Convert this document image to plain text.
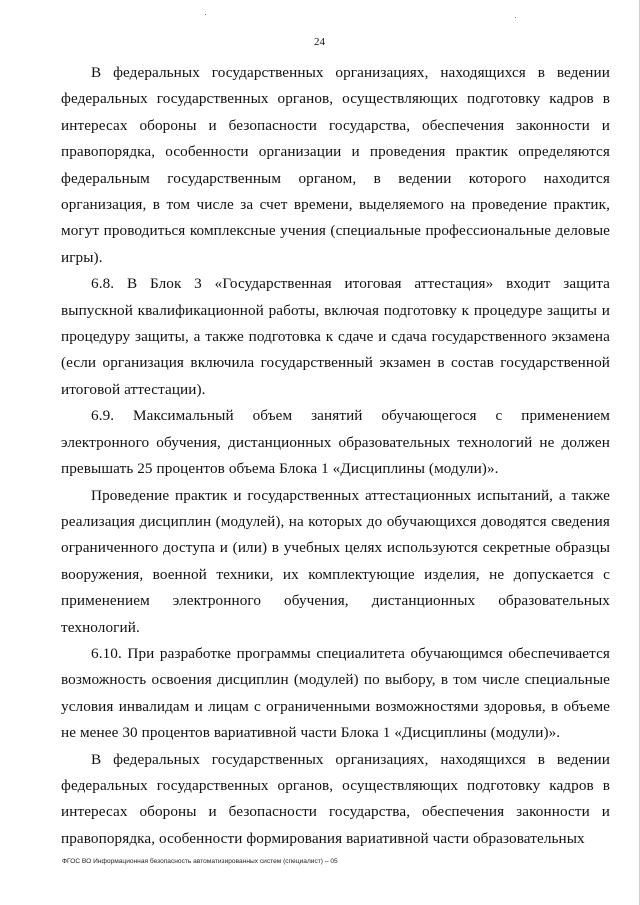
24

В федеральных государственных организациях, находящихся в ведении федеральных государственных органов, осуществляющих подготовку кадров в интересах обороны и безопасности государства, обеспечения законности и правопорядка, особенности организации и проведения практик определяются федеральным государственным органом, в ведении которого находится организация, в том числе за счет времени, выделяемого на проведение практик, могут проводиться комплексные учения (специальные профессиональные деловые игры).

6.8. В Блок 3 «Государственная итоговая аттестация» входит защита выпускной квалификационной работы, включая подготовку к процедуре защиты и процедуру защиты, а также подготовка к сдаче и сдача государственного экзамена (если организация включила государственный экзамен в состав государственной итоговой аттестации).

6.9. Максимальный объем занятий обучающегося с применением электронного обучения, дистанционных образовательных технологий не должен превышать 25 процентов объема Блока 1 «Дисциплины (модули)».

Проведение практик и государственных аттестационных испытаний, а также реализация дисциплин (модулей), на которых до обучающихся доводятся сведения ограниченного доступа и (или) в учебных целях используются секретные образцы вооружения, военной техники, их комплектующие изделия, не допускается с применением электронного обучения, дистанционных образовательных технологий.

6.10. При разработке программы специалитета обучающимся обеспечивается возможность освоения дисциплин (модулей) по выбору, в том числе специальные условия инвалидам и лицам с ограниченными возможностями здоровья, в объеме не менее 30 процентов вариативной части Блока 1 «Дисциплины (модули)».

В федеральных государственных организациях, находящихся в ведении федеральных государственных органов, осуществляющих подготовку кадров в интересах обороны и безопасности государства, обеспечения законности и правопорядка, особенности формирования вариативной части образовательных

ФГОС ВО Информационная безопасность автоматизированных систем (специалист) – 05
